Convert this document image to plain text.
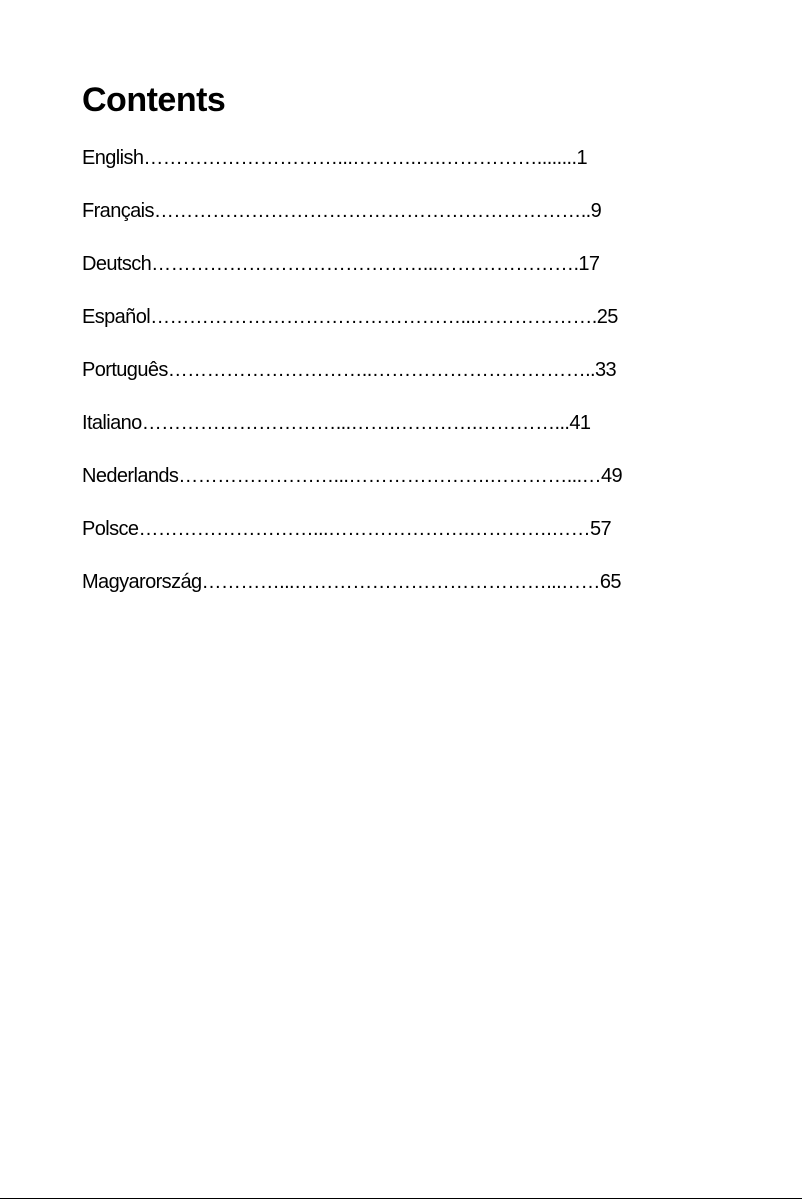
Contents
English…………………………...……….….……………........1
Français…………………………………………………………..9
Deutsch……………………………………...………………….17
Español…………………………………………...……………….25
Português…………………………..……………………………..33
Italiano…………………………...…….………….…………...41
Nederlands……………………...………………….…………...…49
Polsce………………………...………………….………….……57
Magyarország…………...…………………………………...……65
